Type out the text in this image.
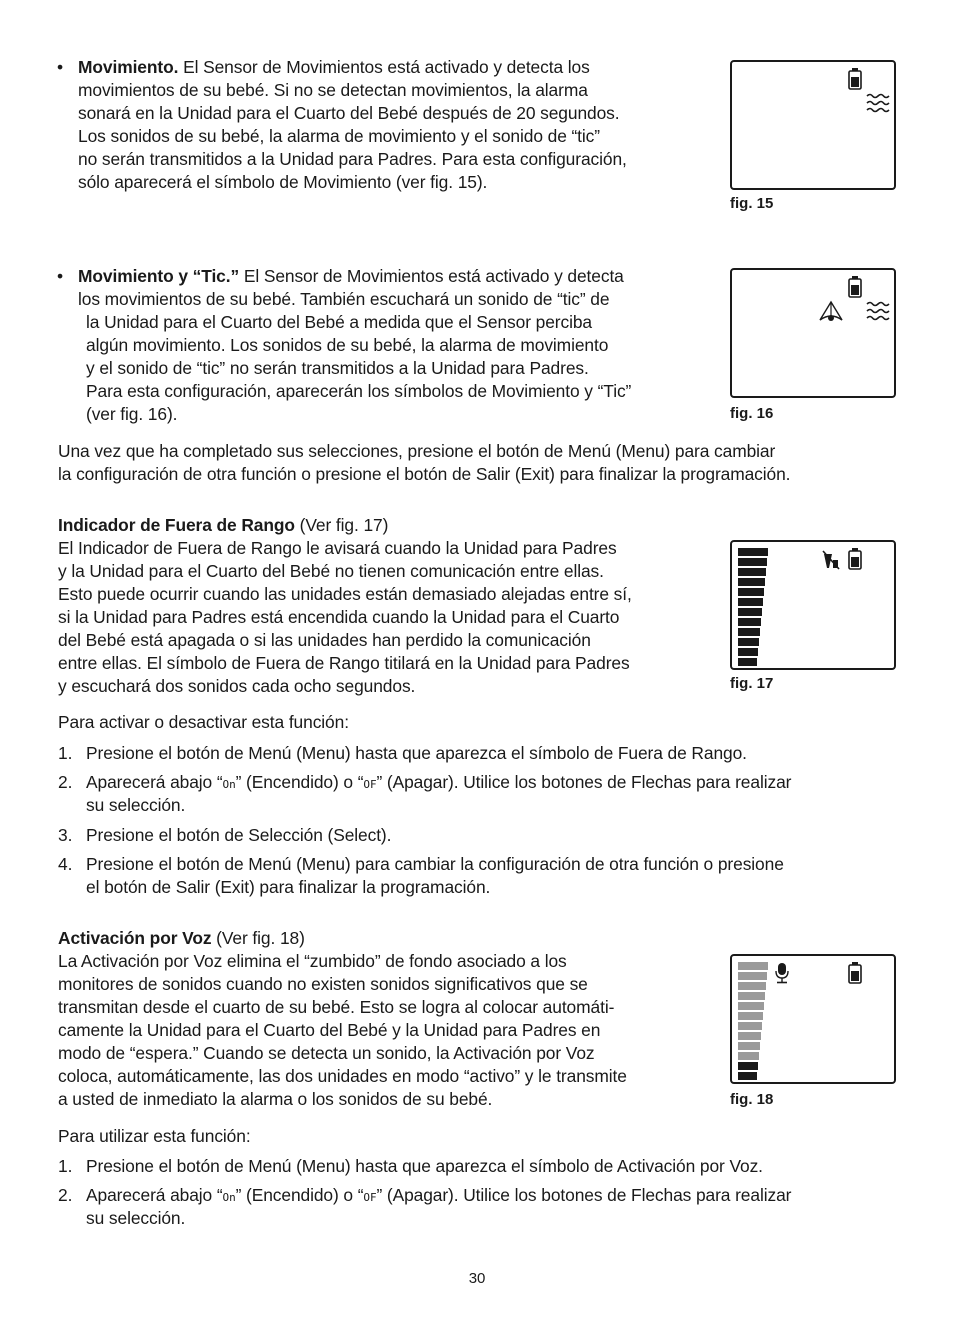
• Movimiento. El Sensor de Movimientos está activado y detecta los
movimientos de su bebé. Si no se detectan movimientos, la alarma
sonará en la Unidad para el Cuarto del Bebé después de 20 segundos.
Los sonidos de su bebé, la alarma de movimiento y el sonido de “tic”
no serán transmitidos a la Unidad para Padres. Para esta configuración,
sólo aparecerá el símbolo de Movimiento (ver fig. 15).
fig. 15
• Movimiento y “Tic.” El Sensor de Movimientos está activado y detecta
los movimientos de su bebé. También escuchará un sonido de “tic” de
la Unidad para el Cuarto del Bebé a medida que el Sensor perciba
algún movimiento. Los sonidos de su bebé, la alarma de movimiento
y el sonido de “tic” no serán transmitidos a la Unidad para Padres.
Para esta configuración, aparecerán los símbolos de Movimiento y “Tic”
(ver fig. 16).	fig. 16
Una vez que ha completado sus selecciones, presione el botón de Menú (Menu) para cambiar
la configuración de otra función o presione el botón de Salir (Exit) para finalizar la programación.
Indicador de Fuera de Rango (Ver fig. 17)
El Indicador de Fuera de Rango le avisará cuando la Unidad para Padres
y la Unidad para el Cuarto del Bebé no tienen comunicación entre ellas.
Esto puede ocurrir cuando las unidades están demasiado alejadas entre sí,
si la Unidad para Padres está encendida cuando la Unidad para el Cuarto
del Bebé está apagada o si las unidades han perdido la comunicación
entre ellas. El símbolo de Fuera de Rango titilará en la Unidad para Padres
y escuchará dos sonidos cada ocho segundos.	fig. 17
Para activar o desactivar esta función:
1. Presione el botón de Menú (Menu) hasta que aparezca el símbolo de Fuera de Rango.
2. Aparecerá abajo “On” (Encendido) o “OF” (Apagar). Utilice los botones de Flechas para realizar
su selección.
3. Presione el botón de Selección (Select).
4. Presione el botón de Menú (Menu) para cambiar la configuración de otra función o presione
el botón de Salir (Exit) para finalizar la programación.
Activación por Voz (Ver fig. 18)
La Activación por Voz elimina el “zumbido” de fondo asociado a los
monitores de sonidos cuando no existen sonidos significativos que se
transmitan desde el cuarto de su bebé. Esto se logra al colocar automáti-
camente la Unidad para el Cuarto del Bebé y la Unidad para Padres en
modo de “espera.” Cuando se detecta un sonido, la Activación por Voz
coloca, automáticamente, las dos unidades en modo “activo” y le transmite
a usted de inmediato la alarma o los sonidos de su bebé.	fig. 18
Para utilizar esta función:
1. Presione el botón de Menú (Menu) hasta que aparezca el símbolo de Activación por Voz.
2. Aparecerá abajo “On” (Encendido) o “OF” (Apagar). Utilice los botones de Flechas para realizar
su selección.
30
